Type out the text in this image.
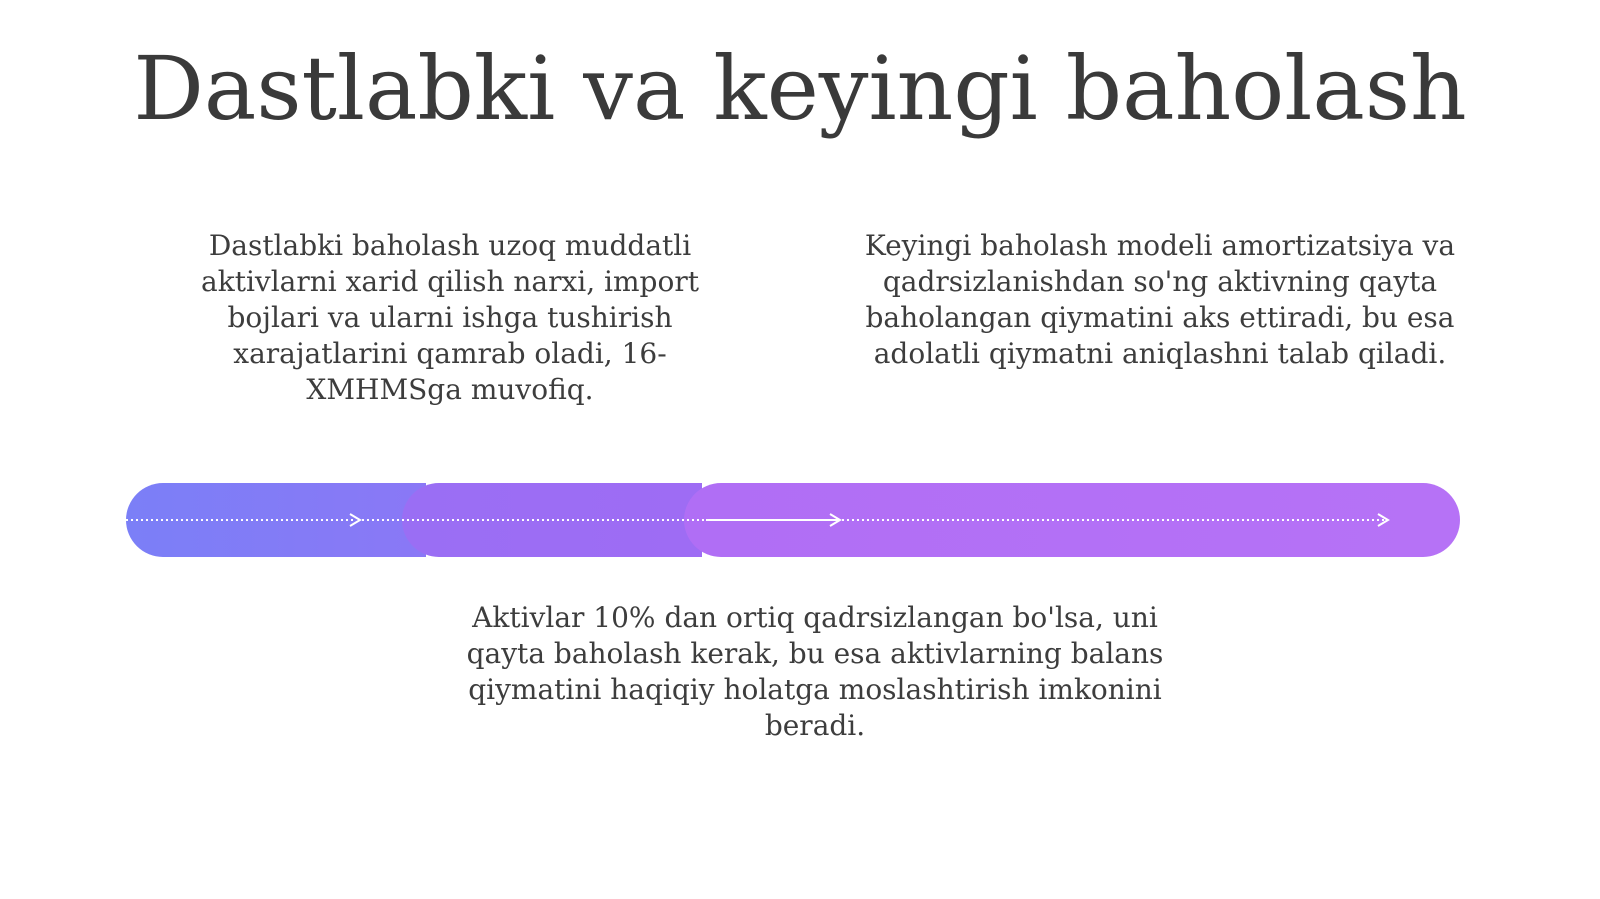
Dastlabki va keyingi baholash

Dastlabki baholash uzoq muddatli aktivlarni xarid qilish narxi, import bojlari va ularni ishga tushirish xarajatlarini qamrab oladi, 16-XMHMSga muvofiq.

Keyingi baholash modeli amortizatsiya va qadrsizlanishdan so'ng aktivning qayta baholangan qiymatini aks ettiradi, bu esa adolatli qiymatni aniqlashni talab qiladi.

Aktivlar 10% dan ortiq qadrsizlangan bo'lsa, uni qayta baholash kerak, bu esa aktivlarning balans qiymatini haqiqiy holatga moslashtirish imkonini beradi.
